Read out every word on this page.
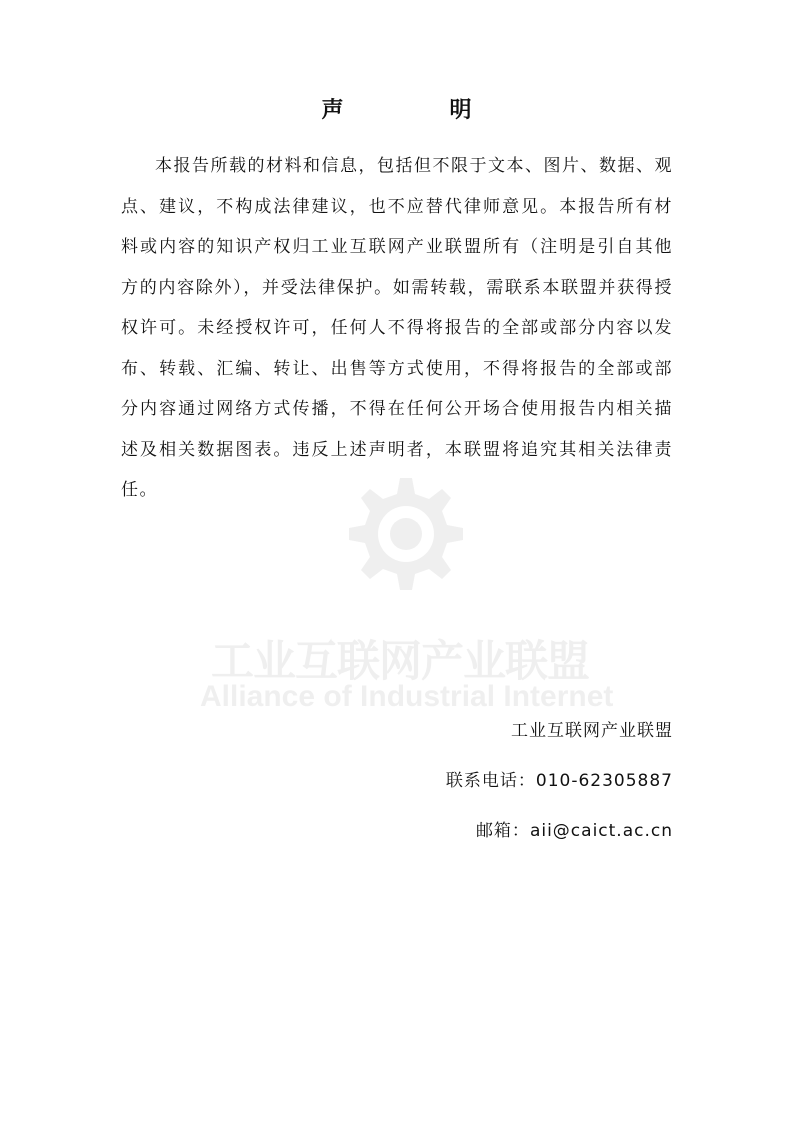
工业互联网产业联盟
Alliance of Industrial Internet
声　明
本报告所载的材料和信息，包括但不限于文本、图片、数据、观点、建议，不构成法律建议，也不应替代律师意见。本报告所有材料或内容的知识产权归工业互联网产业联盟所有（注明是引自其他方的内容除外），并受法律保护。如需转载，需联系本联盟并获得授权许可。未经授权许可，任何人不得将报告的全部或部分内容以发布、转载、汇编、转让、出售等方式使用，不得将报告的全部或部分内容通过网络方式传播，不得在任何公开场合使用报告内相关描述及相关数据图表。违反上述声明者，本联盟将追究其相关法律责任。
工业互联网产业联盟
联系电话：010-62305887
邮箱：aii@caict.ac.cn
